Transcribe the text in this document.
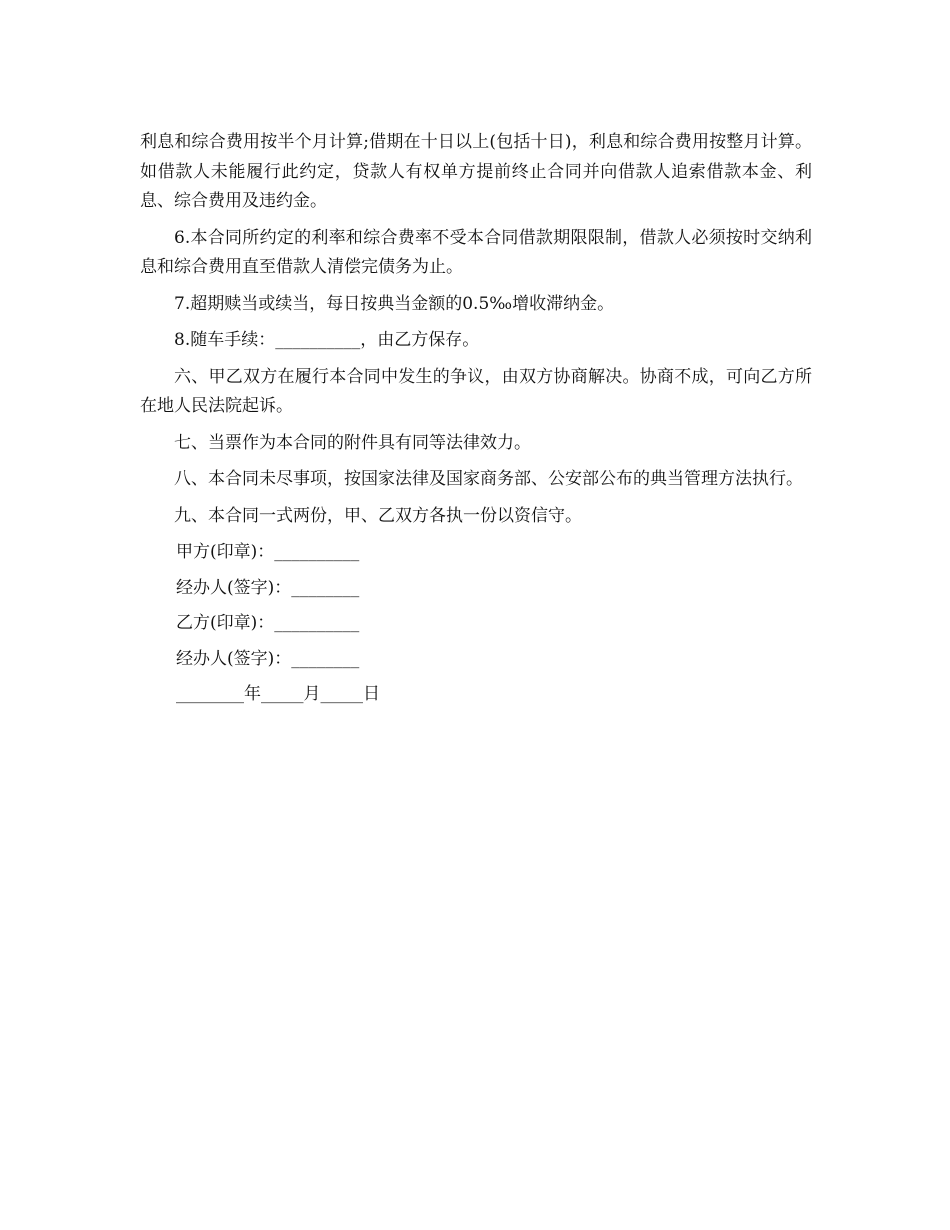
利息和综合费用按半个月计算;借期在十日以上(包括十日)，利息和综合费用按整月计算。如借款人未能履行此约定，贷款人有权单方提前终止合同并向借款人追索借款本金、利息、综合费用及违约金。

6.本合同所约定的利率和综合费率不受本合同借款期限限制，借款人必须按时交纳利息和综合费用直至借款人清偿完债务为止。

7.超期赎当或续当，每日按典当金额的0.5‰增收滞纳金。

8.随车手续：__________，由乙方保存。

六、甲乙双方在履行本合同中发生的争议，由双方协商解决。协商不成，可向乙方所在地人民法院起诉。

七、当票作为本合同的附件具有同等法律效力。

八、本合同未尽事项，按国家法律及国家商务部、公安部公布的典当管理方法执行。

九、本合同一式两份，甲、乙双方各执一份以资信守。

甲方(印章)：__________

经办人(签字)：________

乙方(印章)：__________

经办人(签字)：________

________年_____月_____日
